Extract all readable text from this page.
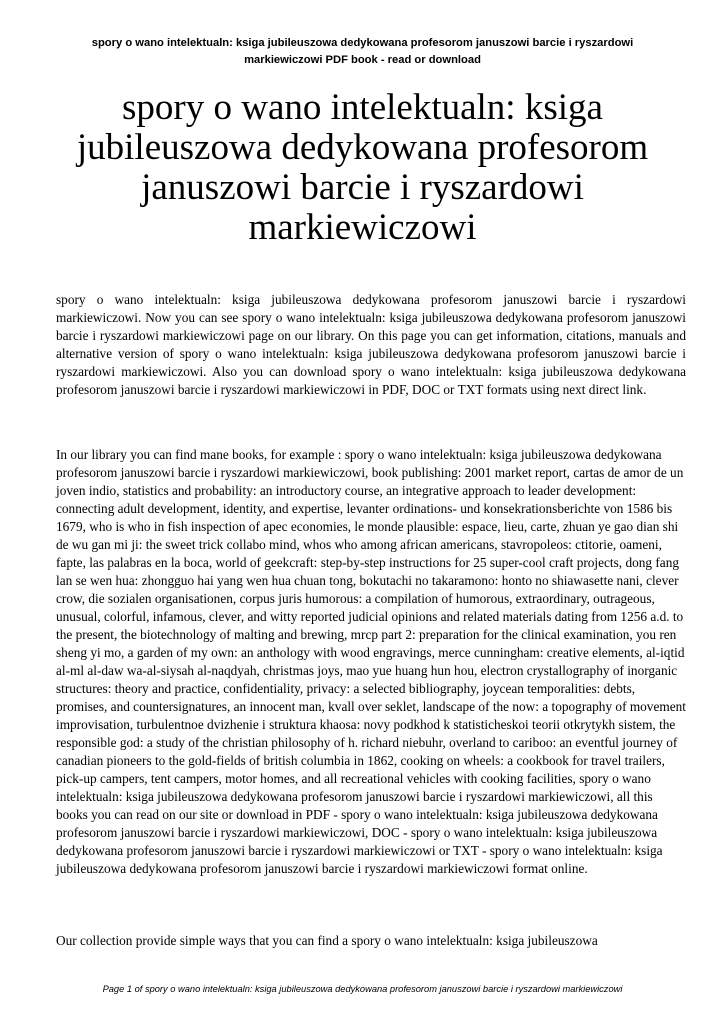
spory o wano intelektualn: ksiga jubileuszowa dedykowana profesorom januszowi barcie i ryszardowi
markiewiczowi PDF book - read or download
spory o wano intelektualn: ksiga
jubileuszowa dedykowana profesorom
januszowi barcie i ryszardowi
markiewiczowi
spory o wano intelektualn: ksiga jubileuszowa dedykowana profesorom januszowi barcie i ryszardowi markiewiczowi. Now you can see spory o wano intelektualn: ksiga jubileuszowa dedykowana profesorom januszowi barcie i ryszardowi markiewiczowi page on our library. On this page you can get information, citations, manuals and alternative version of spory o wano intelektualn: ksiga jubileuszowa dedykowana profesorom januszowi barcie i ryszardowi markiewiczowi. Also you can download spory o wano intelektualn: ksiga jubileuszowa dedykowana profesorom januszowi barcie i ryszardowi markiewiczowi in PDF, DOC or TXT formats using next direct link.
In our library you can find mane books, for example : spory o wano intelektualn: ksiga jubileuszowa dedykowana profesorom januszowi barcie i ryszardowi markiewiczowi, book publishing: 2001 market report, cartas de amor de un joven indio, statistics and probability: an introductory course, an integrative approach to leader development: connecting adult development, identity, and expertise, levanter ordinations- und konsekrationsberichte von 1586 bis 1679, who is who in fish inspection of apec economies, le monde plausible: espace, lieu, carte, zhuan ye gao dian shi de wu gan mi ji: the sweet trick collabo mind, whos who among african americans, stavropoleos: ctitorie, oameni, fapte, las palabras en la boca, world of geekcraft: step-by-step instructions for 25 super-cool craft projects, dong fang lan se wen hua: zhongguo hai yang wen hua chuan tong, bokutachi no takaramono: honto no shiawasette nani, clever crow, die sozialen organisationen, corpus juris humorous: a compilation of humorous, extraordinary, outrageous, unusual, colorful, infamous, clever, and witty reported judicial opinions and related materials dating from 1256 a.d. to the present, the biotechnology of malting and brewing, mrcp part 2: preparation for the clinical examination, you ren sheng yi mo, a garden of my own: an anthology with wood engravings, merce cunningham: creative elements, al-iqtid al-ml al-daw wa-al-siysah al-naqdyah, christmas joys, mao yue huang hun hou, electron crystallography of inorganic structures: theory and practice, confidentiality, privacy: a selected bibliography, joycean temporalities: debts, promises, and countersignatures, an innocent man, kvall over seklet, landscape of the now: a topography of movement improvisation, turbulentnoe dvizhenie i struktura khaosa: novy podkhod k statisticheskoi teorii otkrytykh sistem, the responsible god: a study of the christian philosophy of h. richard niebuhr, overland to cariboo: an eventful journey of canadian pioneers to the gold-fields of british columbia in 1862, cooking on wheels: a cookbook for travel trailers, pick-up campers, tent campers, motor homes, and all recreational vehicles with cooking facilities, spory o wano intelektualn: ksiga jubileuszowa dedykowana profesorom januszowi barcie i ryszardowi markiewiczowi, all this books you can read on our site or download in PDF - spory o wano intelektualn: ksiga jubileuszowa dedykowana profesorom januszowi barcie i ryszardowi markiewiczowi, DOC - spory o wano intelektualn: ksiga jubileuszowa dedykowana profesorom januszowi barcie i ryszardowi markiewiczowi or TXT - spory o wano intelektualn: ksiga jubileuszowa dedykowana profesorom januszowi barcie i ryszardowi markiewiczowi format online.
Our collection provide simple ways that you can find a spory o wano intelektualn: ksiga jubileuszowa
Page 1 of spory o wano intelektualn: ksiga jubileuszowa dedykowana profesorom januszowi barcie i ryszardowi markiewiczowi
